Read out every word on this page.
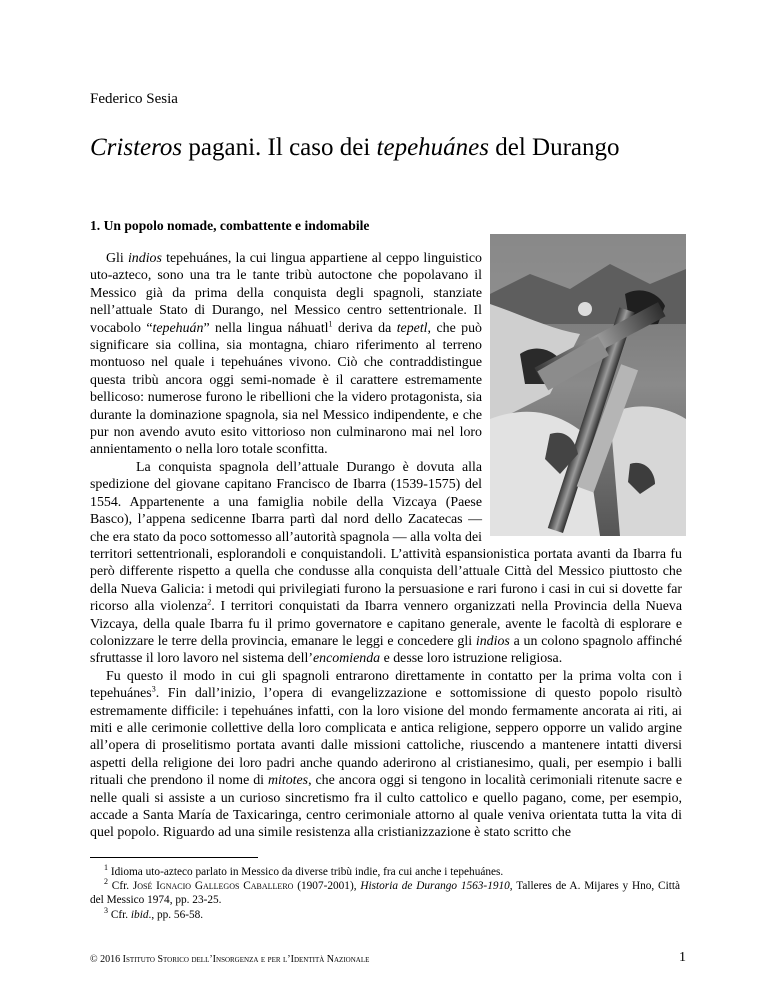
Federico Sesia
Cristeros pagani. Il caso dei tepehuánes del Durango
1. Un popolo nomade, combattente e indomabile

Gli indios tepehuánes, la cui lingua appartiene al ceppo linguistico uto-azteco, sono una tra le tante tribù autoctone che popolavano il Messico già da prima della conquista degli spagnoli, stanziate nell’attuale Stato di Durango, nel Messico centro settentrionale. Il vocabolo “tepehuán” nella lingua náhuatl$^1$ deriva da tepetl, che può significare sia collina, sia montagna, chiaro riferimento al terreno montuoso nel quale i tepehuánes vivono. Ciò che contraddistingue questa tribù ancora oggi semi-nomade è il carattere estremamente bellicoso: numerose furono le ribellioni che la videro protagonista, sia durante la dominazione spagnola, sia nel Messico indipendente, e che pur non avendo avuto esito vittorioso non culminarono mai nel loro annientamento o nella loro totale sconfitta.

La conquista spagnola dell’attuale Durango è dovuta alla spedizione del giovane capitano Francisco de Ibarra (1539-1575) del 1554. Appartenente a una famiglia nobile della Vizcaya (Paese Basco), l’appena sedicenne Ibarra partì dal nord dello Zacatecas — che era stato da poco sottomesso all’autorità spagnola — alla volta dei territori settentrionali, esplorandoli e conquistandoli. L’attività espansionistica portata avanti da Ibarra fu però differente rispetto a quella che condusse alla conquista dell’attuale Città del Messico piuttosto che della Nueva Galicia: i metodi qui privilegiati furono la persuasione e rari furono i casi in cui si dovette far ricorso alla violenza$^2$. I territori conquistati da Ibarra vennero organizzati nella Provincia della Nueva Vizcaya, della quale Ibarra fu il primo governatore e capitano generale, avente le facoltà di esplorare e colonizzare le terre della provincia, emanare le leggi e concedere gli indios a un colono spagnolo affinché sfruttasse il loro lavoro nel sistema dell’encomienda e desse loro istruzione religiosa.

Fu questo il modo in cui gli spagnoli entrarono direttamente in contatto per la prima volta con i tepehuánes$^3$. Fin dall’inizio, l’opera di evangelizzazione e sottomissione di questo popolo risultò estremamente difficile: i tepehuánes infatti, con la loro visione del mondo fermamente ancorata ai riti, ai miti e alle cerimonie collettive della loro complicata e antica religione, seppero opporre un valido argine all’opera di proselitismo portata avanti dalle missioni cattoliche, riuscendo a mantenere intatti diversi aspetti della religione dei loro padri anche quando aderirono al cristianesimo, quali, per esempio i balli rituali che prendono il nome di mitotes, che ancora oggi si tengono in località cerimoniali ritenute sacre e nelle quali si assiste a un curioso sincretismo fra il culto cattolico e quello pagano, come, per esempio, accade a Santa María de Taxicaringa, centro cerimoniale attorno al quale veniva orientata tutta la vita di quel popolo. Riguardo ad una simile resistenza alla cristianizzazione è stato scritto che

$^1$ Idioma uto-azteco parlato in Messico da diverse tribù indie, fra cui anche i tepehuánes.

$^2$ Cfr. José Ignacio Gallegos Caballero (1907-2001), Historia de Durango 1563-1910, Talleres de A. Mijares y Hno, Città del Messico 1974, pp. 23-25.

$^3$ Cfr. ibid., pp. 56-58.

© 2016 Istituto Storico dell’Insorgenza e per l’Identità Nazionale	1
